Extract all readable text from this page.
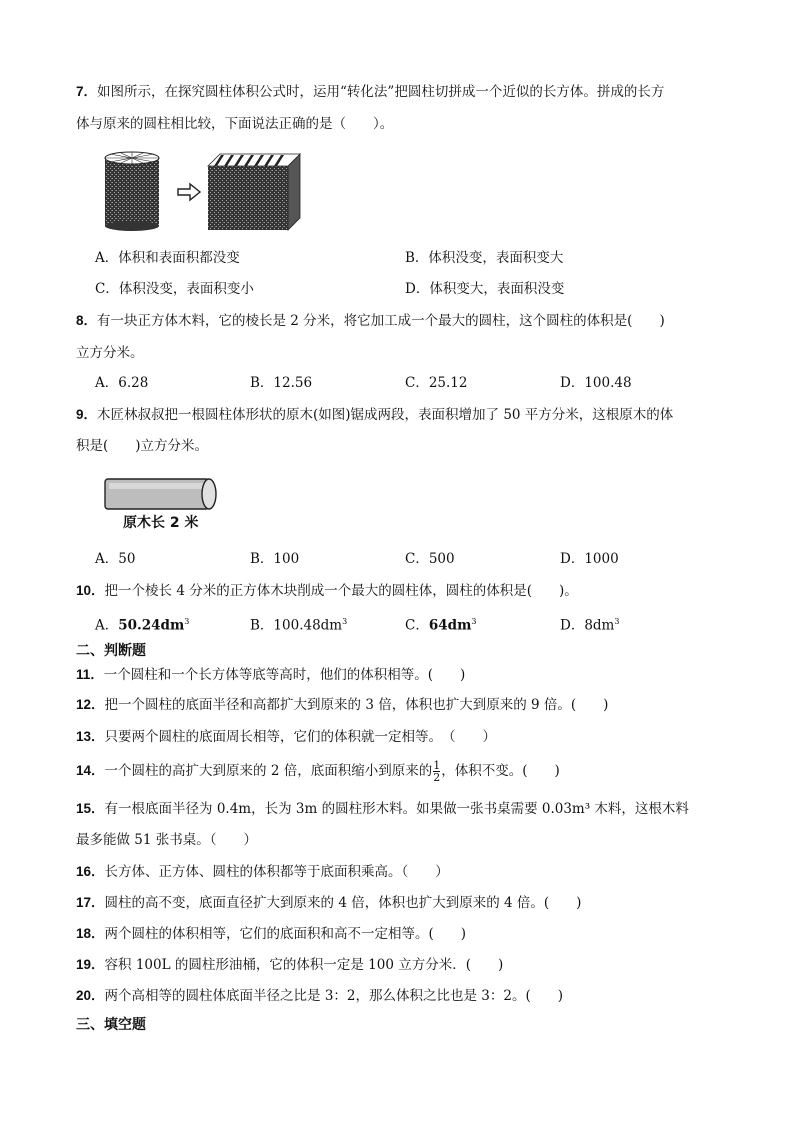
7．如图所示，在探究圆柱体积公式时，运用“转化法”把圆柱切拼成一个近似的长方体。拼成的长方
体与原来的圆柱相比较，下面说法正确的是（　　）。
A．体积和表面积都没变	B．体积没变，表面积变大
C．体积没变，表面积变小	D．体积变大，表面积没变
8．有一块正方体木料，它的棱长是 2 分米，将它加工成一个最大的圆柱，这个圆柱的体积是(　　)
立方分米。
A．6.28	B．12.56	C．25.12	D．100.48
9．木匠林叔叔把一根圆柱体形状的原木(如图)锯成两段，表面积增加了 50 平方分米，这根原木的体
积是(　　)立方分米。
原木长 2 米
A．50	B．100	C．500	D．1000
10．把一个棱长 4 分米的正方体木块削成一个最大的圆柱体，圆柱的体积是(　　)。
A．$50.24dm^3$	B．$100.48dm^3$	C．$64dm^3$	D．$8dm^3$
二、判断题
11．一个圆柱和一个长方体等底等高时，他们的体积相等。(　　)
12．把一个圆柱的底面半径和高都扩大到原来的 3 倍，体积也扩大到原来的 9 倍。(　　)
13．只要两个圆柱的底面周长相等，它们的体积就一定相等。　（　　）
14．一个圆柱的高扩大到原来的 2 倍，底面积缩小到原来的 $\frac{1}{2}$ ，体积不变。(　　)
15．有一根底面半径为 0.4m，长为 3m 的圆柱形木料。如果做一张书桌需要 0.03m³ 木料，这根木料
最多能做 51 张书桌。（　　）
16．长方体、正方体、圆柱的体积都等于底面积乘高。（　　）
17．圆柱的高不变，底面直径扩大到原来的 4 倍，体积也扩大到原来的 4 倍。(　　)
18．两个圆柱的体积相等，它们的底面积和高不一定相等。(　　)
19．容积 100L 的圆柱形油桶，它的体积一定是 100 立方分米．(　　)
20．两个高相等的圆柱体底面半径之比是 3：2，那么体积之比也是 3：2。(　　)
三、填空题
